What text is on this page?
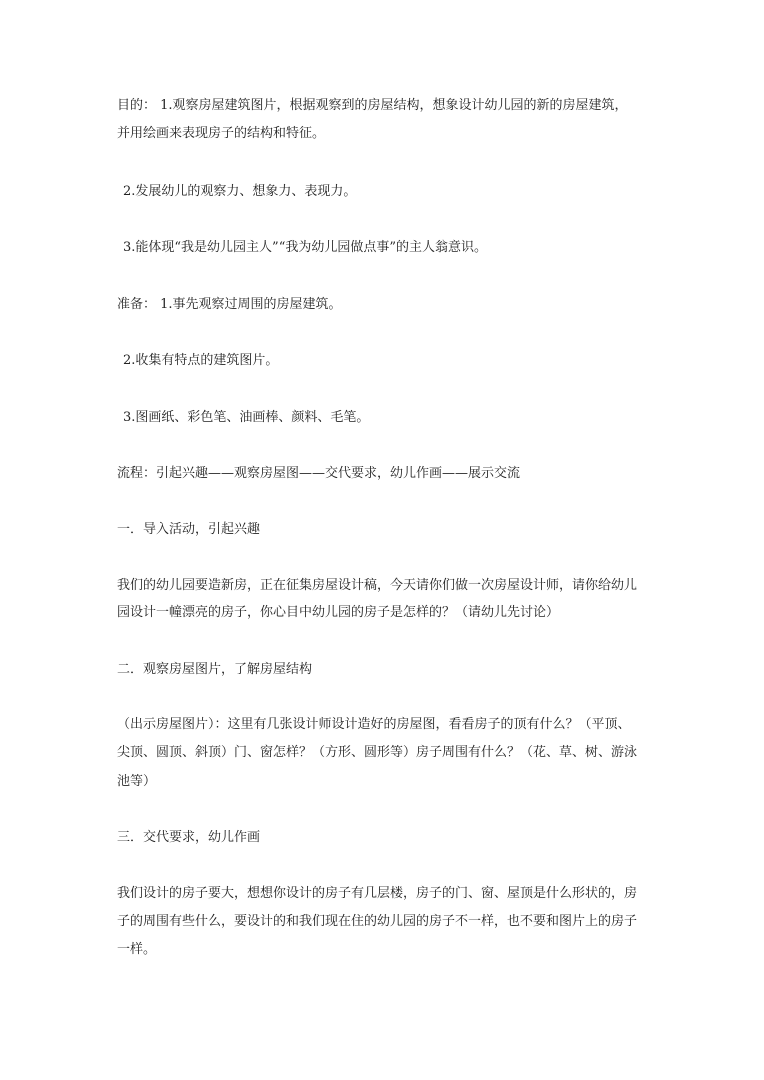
目的： 1.观察房屋建筑图片，根据观察到的房屋结构，想象设计幼儿园的新的房屋建筑，
并用绘画来表现房子的结构和特征。
2.发展幼儿的观察力、想象力、表现力。
3.能体现“我是幼儿园主人”“我为幼儿园做点事”的主人翁意识。
准备： 1.事先观察过周围的房屋建筑。
2.收集有特点的建筑图片。
3.图画纸、彩色笔、油画棒、颜料、毛笔。
流程：引起兴趣——观察房屋图——交代要求，幼儿作画——展示交流
一．导入活动，引起兴趣
我们的幼儿园要造新房，正在征集房屋设计稿，今天请你们做一次房屋设计师，请你给幼儿
园设计一幢漂亮的房子，你心目中幼儿园的房子是怎样的？（请幼儿先讨论）
二．观察房屋图片，了解房屋结构
（出示房屋图片）：这里有几张设计师设计造好的房屋图，看看房子的顶有什么？（平顶、
尖顶、圆顶、斜顶）门、窗怎样？（方形、圆形等）房子周围有什么？（花、草、树、游泳
池等）
三．交代要求，幼儿作画
我们设计的房子要大，想想你设计的房子有几层楼，房子的门、窗、屋顶是什么形状的，房
子的周围有些什么，要设计的和我们现在住的幼儿园的房子不一样，也不要和图片上的房子
一样。
